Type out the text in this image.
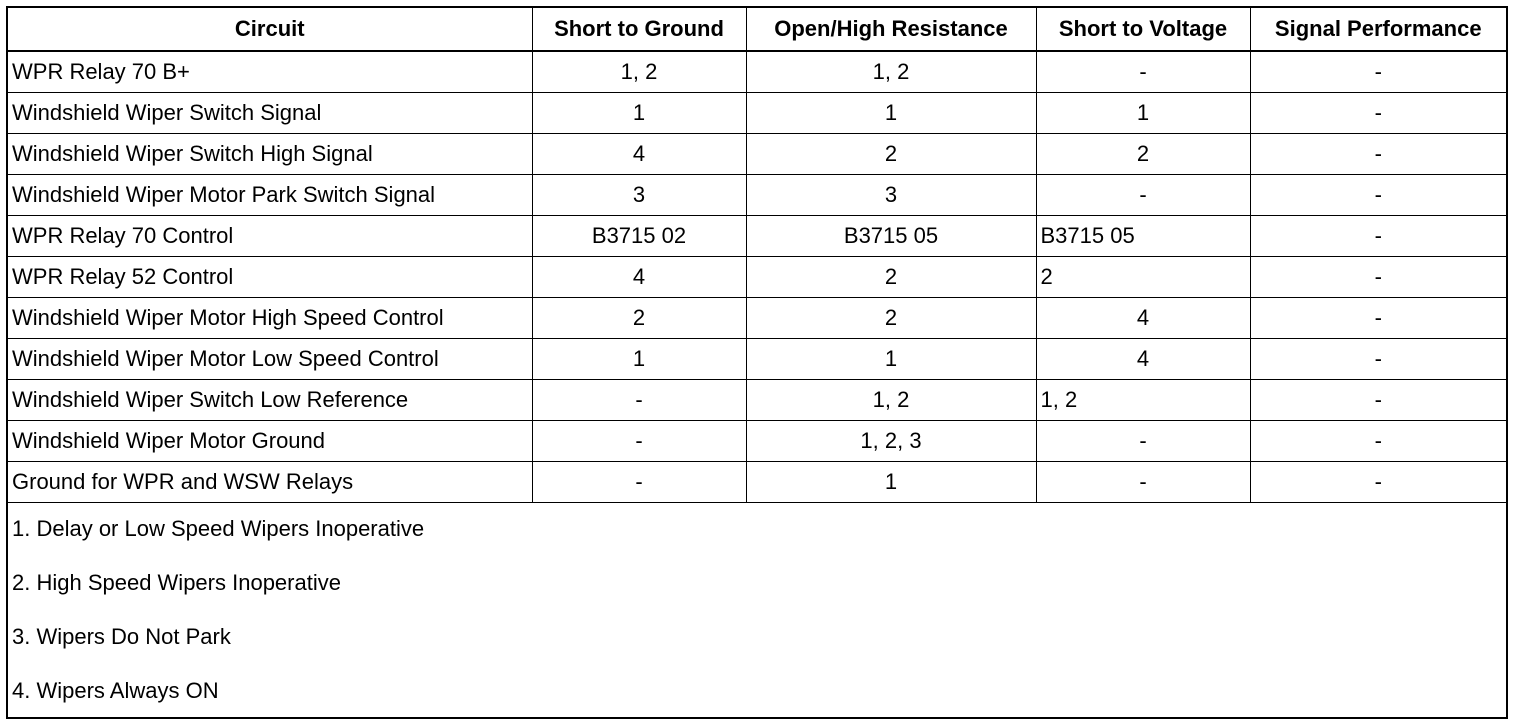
Circuit	Short to Ground	Open/High Resistance	Short to Voltage	Signal Performance
WPR Relay 70 B+	1, 2	1, 2	-	-
Windshield Wiper Switch Signal	1	1	1	-
Windshield Wiper Switch High Signal	4	2	2	-
Windshield Wiper Motor Park Switch Signal	3	3	-	-
WPR Relay 70 Control	B3715 02	B3715 05	B3715 05	-
WPR Relay 52 Control	4	2	2	-
Windshield Wiper Motor High Speed Control	2	2	4	-
Windshield Wiper Motor Low Speed Control	1	1	4	-
Windshield Wiper Switch Low Reference	-	1, 2	1, 2	-
Windshield Wiper Motor Ground	-	1, 2, 3	-	-
Ground for WPR and WSW Relays	-	1	-	-
1. Delay or Low Speed Wipers Inoperative				
2. High Speed Wipers Inoperative				
3. Wipers Do Not Park				
4. Wipers Always ON				
